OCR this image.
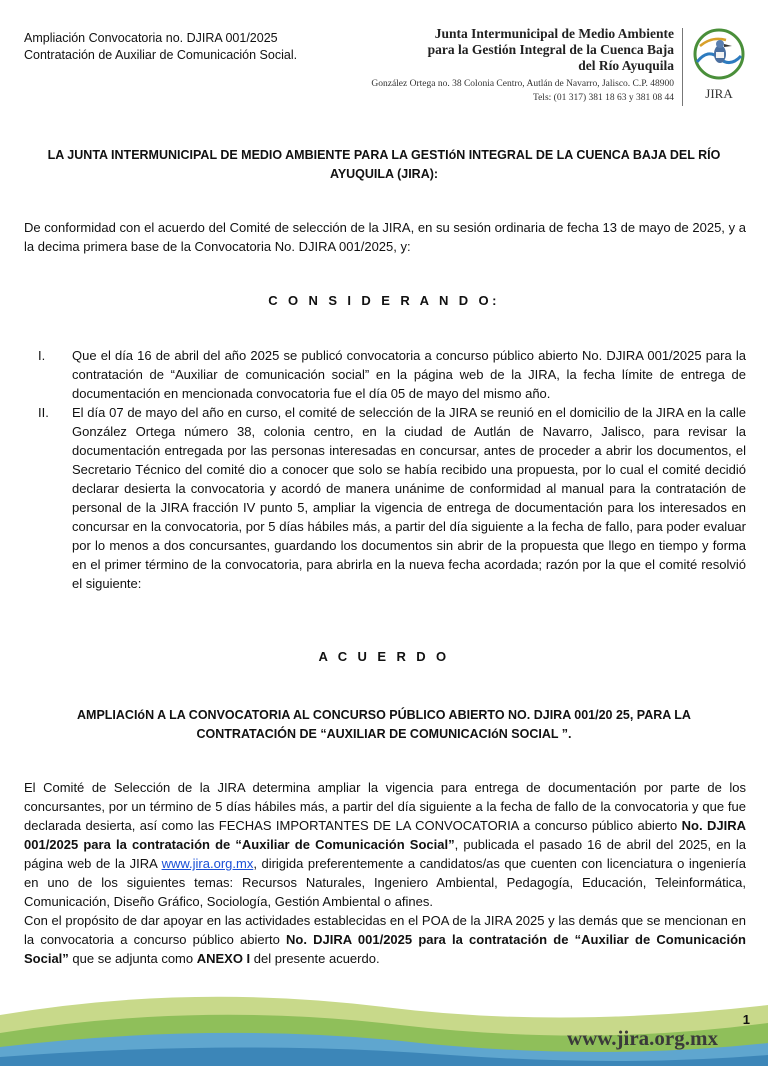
Ampliación Convocatoria no. DJIRA 001/2025
Contratación de Auxiliar de Comunicación Social.
Junta Intermunicipal de Medio Ambiente
para la Gestión Integral de la Cuenca Baja
del Río Ayuquila
González Ortega no. 38 Colonia Centro, Autlán de Navarro, Jalisco. C.P. 48900
Tels: (01 317) 381 18 63 y 381 08 44 JIRA
LA JUNTA INTERMUNICIPAL DE MEDIO AMBIENTE PARA LA GESTIóN INTEGRAL DE LA CUENCA BAJA DEL RÍO AYUQUILA (JIRA):
De conformidad con el acuerdo del Comité de selección de la JIRA, en su sesión ordinaria de fecha 13 de mayo de 2025, y a la decima primera base de la Convocatoria No. DJIRA 001/2025, y:
C O N S I D E R A N D O:
I. Que el día 16 de abril del año 2025 se publicó convocatoria a concurso público abierto No. DJIRA 001/2025 para la contratación de “Auxiliar de comunicación social” en la página web de la JIRA, la fecha límite de entrega de documentación en mencionada convocatoria fue el día 05 de mayo del mismo año.
II. El día 07 de mayo del año en curso, el comité de selección de la JIRA se reunió en el domicilio de la JIRA en la calle González Ortega número 38, colonia centro, en la ciudad de Autlán de Navarro, Jalisco, para revisar la documentación entregada por las personas interesadas en concursar, antes de proceder a abrir los documentos, el Secretario Técnico del comité dio a conocer que solo se había recibido una propuesta, por lo cual el comité decidió declarar desierta la convocatoria y acordó de manera unánime de conformidad al manual para la contratación de personal de la JIRA fracción IV punto 5, ampliar la vigencia de entrega de documentación para los interesados en concursar en la convocatoria, por 5 días hábiles más, a partir del día siguiente a la fecha de fallo, para poder evaluar por lo menos a dos concursantes, guardando los documentos sin abrir de la propuesta que llego en tiempo y forma en el primer término de la convocatoria, para abrirla en la nueva fecha acordada; razón por la que el comité resolvió el siguiente:
A C U E R D O
AMPLIACIóN A LA CONVOCATORIA AL CONCURSO PÚBLICO ABIERTO NO. DJIRA 001/20 25, PARA LA CONTRATACIÓN DE “AUXILIAR DE COMUNICACIóN SOCIAL ”.
El Comité de Selección de la JIRA determina ampliar la vigencia para entrega de documentación por parte de los concursantes, por un término de 5 días hábiles más, a partir del día siguiente a la fecha de fallo de la convocatoria y que fue declarada desierta, así como las FECHAS IMPORTANTES DE LA CONVOCATORIA a concurso público abierto No. DJIRA 001/2025 para la contratación de “Auxiliar de Comunicación Social”, publicada el pasado 16 de abril del 2025, en la página web de la JIRA www.jira.org.mx, dirigida preferentemente a candidatos/as que cuenten con licenciatura o ingeniería en uno de los siguientes temas: Recursos Naturales, Ingeniero Ambiental, Pedagogía, Educación, Teleinformática, Comunicación, Diseño Gráfico, Sociología, Gestión Ambiental o afines.
Con el propósito de dar apoyar en las actividades establecidas en el POA de la JIRA 2025 y las demás que se mencionan en la convocatoria a concurso público abierto No. DJIRA 001/2025 para la contratación de “Auxiliar de Comunicación Social” que se adjunta como ANEXO I del presente acuerdo.
1
www.jira.org.mx
